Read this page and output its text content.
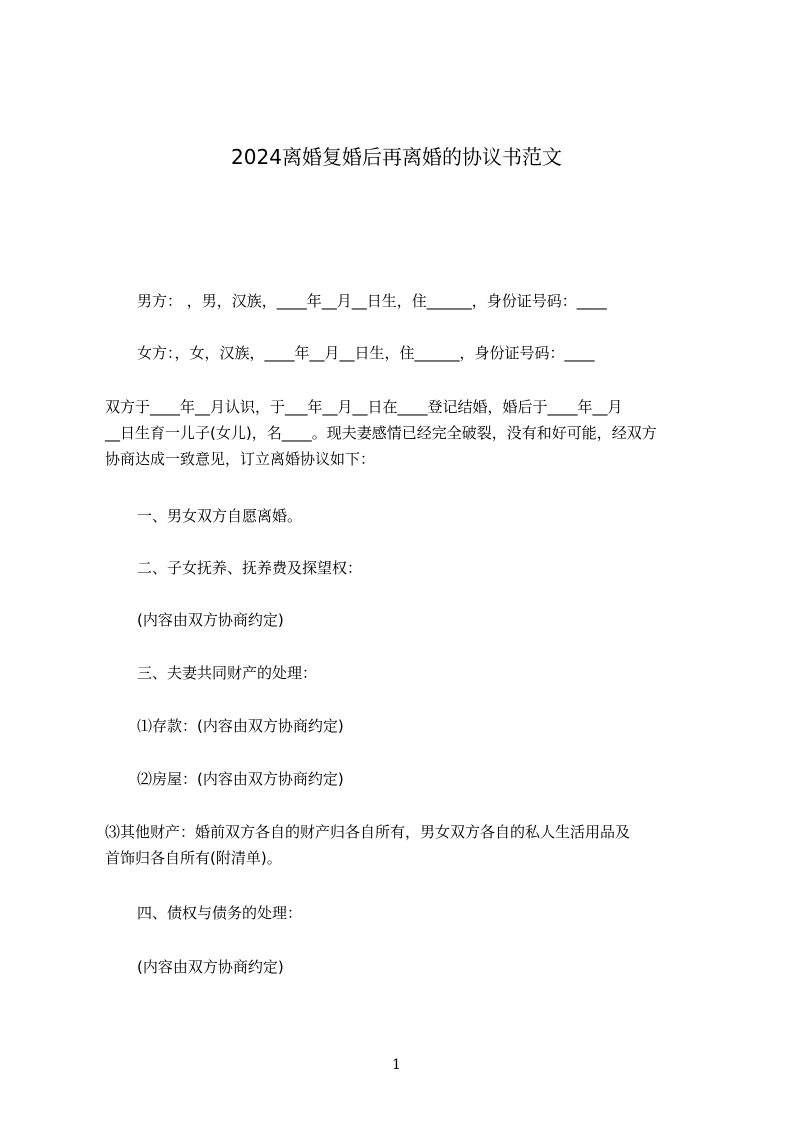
2024离婚复婚后再离婚的协议书范文
男方： ，男，汉族，____年__月__日生，住______，身份证号码：____
女方：，女，汉族，____年__月__日生，住______，身份证号码：____
双方于____年__月认识，于___年__月__日在____登记结婚，婚后于____年__月
__日生育一儿子(女儿)，名____。现夫妻感情已经完全破裂，没有和好可能，经双方
协商达成一致意见，订立离婚协议如下：
一、男女双方自愿离婚。
二、子女抚养、抚养费及探望权：
(内容由双方协商约定)
三、夫妻共同财产的处理：
⑴存款：(内容由双方协商约定)
⑵房屋：(内容由双方协商约定)
⑶其他财产：婚前双方各自的财产归各自所有，男女双方各自的私人生活用品及
首饰归各自所有(附清单)。
四、债权与债务的处理：
(内容由双方协商约定)
1
